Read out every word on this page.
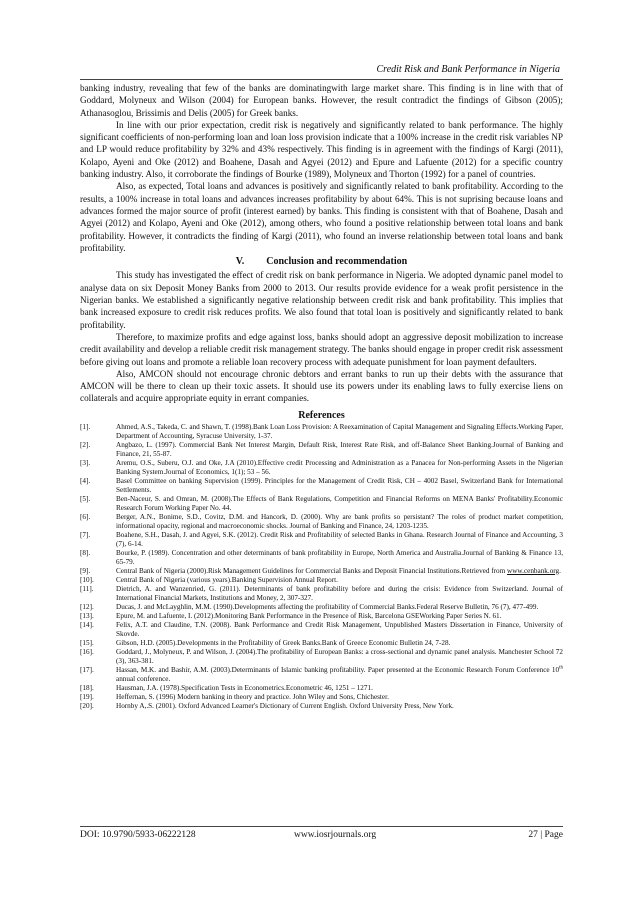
Credit Risk and Bank Performance in Nigeria

banking industry, revealing that few of the banks are dominatingwith large market share. This finding is in line with that of Goddard, Molyneux and Wilson (2004) for European banks. However, the result contradict the findings of Gibson (2005); Athanasoglou, Brissimis and Delis (2005) for Greek banks.

In line with our prior expectation, credit risk is negatively and significantly related to bank performance. The highly significant coefficients of non-performing loan and loan loss provision indicate that a 100% increase in the credit risk variables NP and LP would reduce profitability by 32% and 43% respectively. This finding is in agreement with the findings of Kargi (2011), Kolapo, Ayeni and Oke (2012) and Boahene, Dasah and Agyei (2012) and Epure and Lafuente (2012) for a specific country banking industry. Also, it corroborate the findings of Bourke (1989), Molyneux and Thorton (1992) for a panel of countries.

Also, as expected, Total loans and advances is positively and significantly related to bank profitability. According to the results, a 100% increase in total loans and advances increases profitability by about 64%. This is not suprising because loans and advances formed the major source of profit (interest earned) by banks. This finding is consistent with that of Boahene, Dasah and Agyei (2012) and Kolapo, Ayeni and Oke (2012), among others, who found a positive relationship between total loans and bank profitability. However, it contradicts the finding of Kargi (2011), who found an inverse relationship between total loans and bank profitability.

V. Conclusion and recommendation

This study has investigated the effect of credit risk on bank performance in Nigeria. We adopted dynamic panel model to analyse data on six Deposit Money Banks from 2000 to 2013. Our results provide evidence for a weak profit persistence in the Nigerian banks. We established a significantly negative relationship between credit risk and bank profitability. This implies that bank increased exposure to credit risk reduces profits. We also found that total loan is positively and significantly related to bank profitability.

Therefore, to maximize profits and edge against loss, banks should adopt an aggressive deposit mobilization to increase credit availability and develop a reliable credit risk management strategy. The banks should engage in proper credit risk assessment before giving out loans and promote a reliable loan recovery process with adequate punishment for loan payment defaulters.

Also, AMCON should not encourage chronic debtors and errant banks to run up their debts with the assurance that AMCON will be there to clean up their toxic assets. It should use its powers under its enabling laws to fully exercise liens on collaterals and acquire appropriate equity in errant companies.

References
[1].	Ahmed, A.S., Takeda, C. and Shawn, T. (1998).Bank Loan Loss Provision: A Reexamination of Capital Management and Signaling Effects.Working Paper, Department of Accounting, Syracuse University, 1-37.
[2].	Angbazo, L. (1997). Commercial Bank Net Interest Margin, Default Risk, Interest Rate Risk, and off-Balance Sheet Banking.Journal of Banking and Finance, 21, 55-87.
[3].	Aremu, O.S., Suberu, O.J. and Oke, J.A (2010).Effective credit Processing and Administration as a Panacea for Non-performing Assets in the Nigerian Banking System.Journal of Economics, 1(1); 53 – 56.
[4].	Basel Committee on banking Supervision (1999). Principles for the Management of Credit Risk, CH – 4002 Basel, Switzerland Bank for International Settlements.
[5].	Ben-Naceur, S. and Omran, M. (2008).The Effects of Bank Regulations, Competition and Financial Reforms on MENA Banks' Profitability.Economic Research Forum Working Paper No. 44.
[6].	Berger, A.N., Bonime, S.D., Covitz, D.M. and Hancork, D. (2000). Why are bank profits so persistant? The roles of product market competition, informational opacity, regional and macroeconomic shocks. Journal of Banking and Finance, 24, 1203-1235.
[7].	Boahene, S.H., Dasah, J. and Agyei, S.K. (2012). Credit Risk and Profitability of selected Banks in Ghana. Research Journal of Finance and Accounting, 3 (7), 6-14.
[8].	Bourke, P. (1989). Concentration and other determinants of bank profitability in Europe, North America and Australia.Journal of Banking & Finance 13, 65-79.
[9].	Central Bank of Nigeria (2000).Risk Management Guidelines for Commercial Banks and Deposit Financial Institutions.Retrieved from www.cenbank.org.
[10].	Central Bank of Nigeria (various years).Banking Supervision Annual Report.
[11].	Dietrich, A. and Wanzenried, G. (2011). Determinants of bank profitability before and during the crisis: Evidence from Switzerland. Journal of International Financial Markets, Institutions and Money, 2, 307-327.
[12].	Ducas, J. and McLayghlin, M.M. (1990).Developments affecting the profitability of Commercial Banks.Federal Reserve Bulletin, 76 (7), 477-499.
[13].	Epure, M. and Lafuente, I. (2012).Monitoring Bank Performance in the Presence of Risk, Barcelona GSEWorking Paper Series N. 61.
[14].	Felix, A.T. and Claudine, T.N. (2008). Bank Performance and Credit Risk Management, Unpublished Masters Dissertation in Finance, University of Skovde.
[15].	Gibson, H.D. (2005).Developments in the Profitability of Greek Banks.Bank of Greece Economic Bulletin 24, 7-28.
[16].	Goddard, J., Molyneux, P. and Wilson, J. (2004).The profitability of European Banks: a cross-sectional and dynamic panel analysis. Manchester School 72 (3), 363-381.
[17].	Hassan, M.K. and Bashir, A.M. (2003).Determinants of Islamic banking profitability. Paper presented at the Economic Research Forum Conference 10th annual conference.
[18].	Hausman, J.A. (1978).Specification Tests in Econometrics.Econometric 46, 1251 – 1271.
[19].	Heffernan, S. (1996) Modern banking in theory and practice. John Wiley and Sons, Chichester.
[20].	Hornby A,.S. (2001). Oxford Advanced Learner's Dictionary of Current English. Oxford University Press, New York.
DOI: 10.9790/5933-06222128	www.iosrjournals.org	27 | Page
